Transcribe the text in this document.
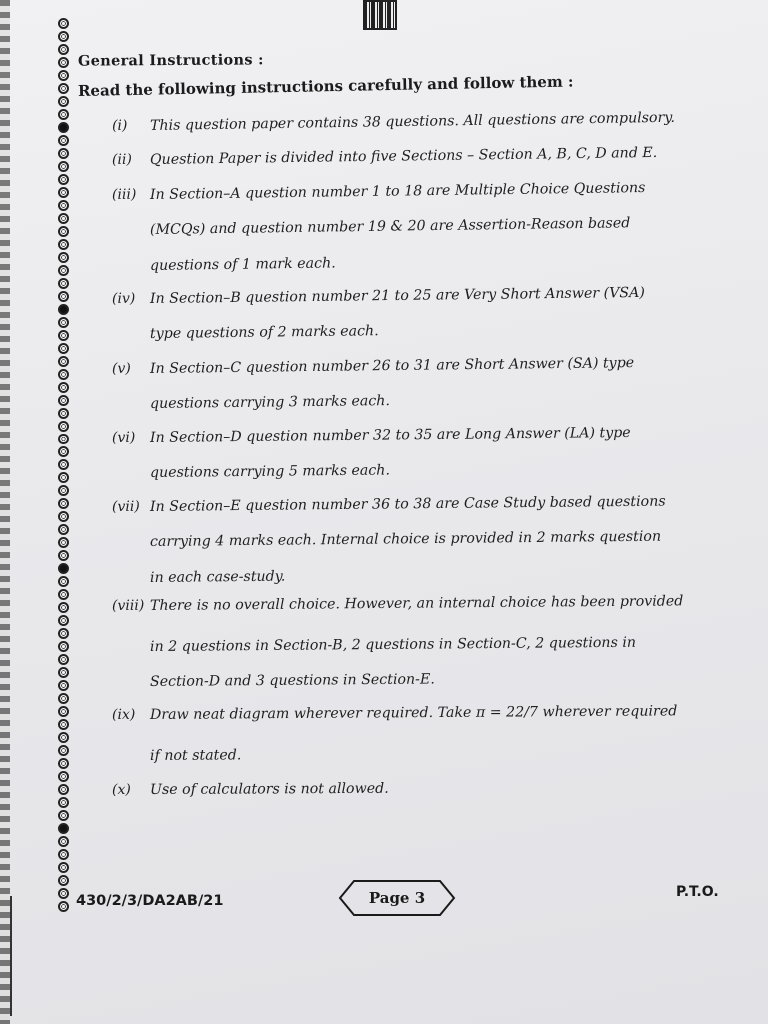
General Instructions :
Read the following instructions carefully and follow them :
(i) This question paper contains 38 questions. All questions are compulsory.
(ii) Question Paper is divided into five Sections – Section A, B, C, D and E.
(iii) In Section–A question number 1 to 18 are Multiple Choice Questions
(MCQs) and question number 19 & 20 are Assertion-Reason based
questions of 1 mark each.
(iv) In Section–B question number 21 to 25 are Very Short Answer (VSA)
type questions of 2 marks each.
(v) In Section–C question number 26 to 31 are Short Answer (SA) type
questions carrying 3 marks each.
(vi) In Section–D question number 32 to 35 are Long Answer (LA) type
questions carrying 5 marks each.
(vii) In Section–E question number 36 to 38 are Case Study based questions
carrying 4 marks each. Internal choice is provided in 2 marks question
in each case-study.
(viii) There is no overall choice. However, an internal choice has been provided
in 2 questions in Section-B, 2 questions in Section-C, 2 questions in
Section-D and 3 questions in Section-E.
(ix) Draw neat diagram wherever required. Take π = 22/7 wherever required
if not stated.
(x) Use of calculators is not allowed.
430/2/3/DA2AB/21	Page 3	P.T.O.
